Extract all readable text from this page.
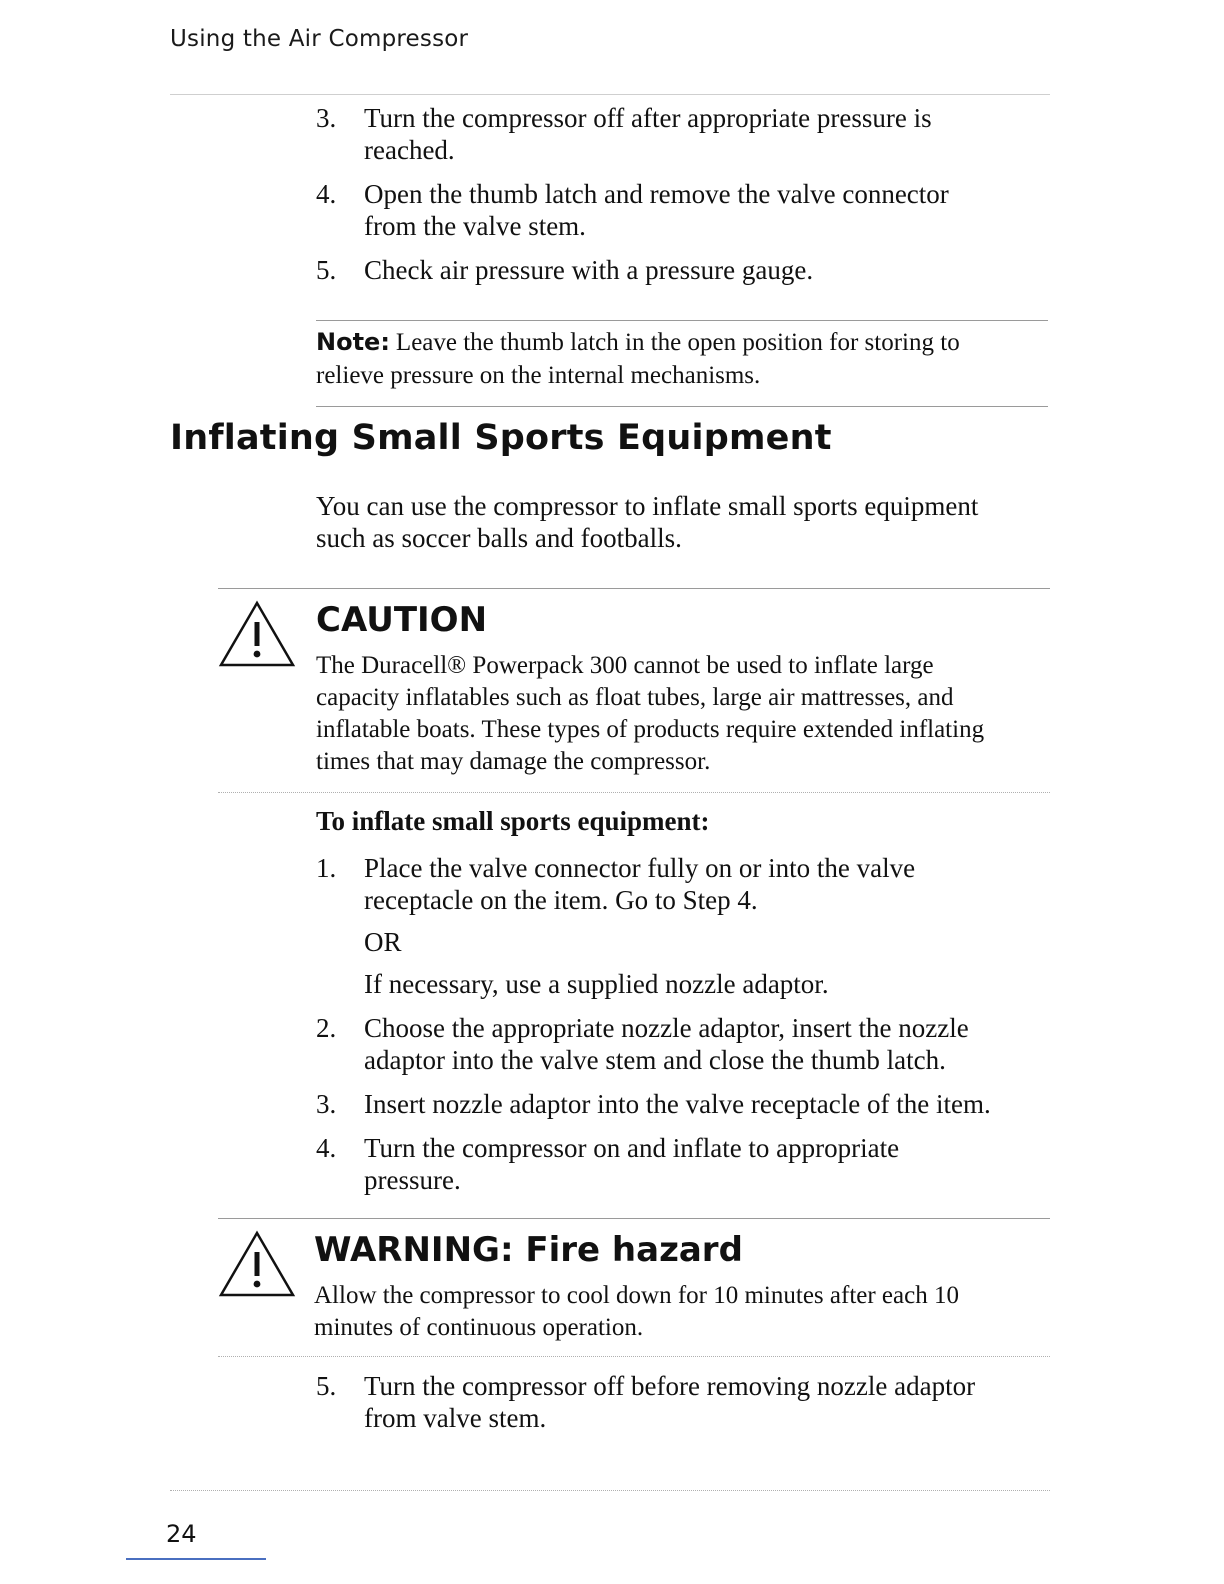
Using the Air Compressor
3. Turn the compressor off after appropriate pressure is
reached.
4. Open the thumb latch and remove the valve connector
from the valve stem.
5. Check air pressure with a pressure gauge.
Note: Leave the thumb latch in the open position for storing to
relieve pressure on the internal mechanisms.
Inflating Small Sports Equipment
You can use the compressor to inflate small sports equipment
such as soccer balls and footballs.
CAUTION
The Duracell® Powerpack 300 cannot be used to inflate large
capacity inflatables such as float tubes, large air mattresses, and
inflatable boats. These types of products require extended inflating
times that may damage the compressor.
To inflate small sports equipment:
1. Place the valve connector fully on or into the valve
receptacle on the item. Go to Step 4.
OR
If necessary, use a supplied nozzle adaptor.
2. Choose the appropriate nozzle adaptor, insert the nozzle
adaptor into the valve stem and close the thumb latch.
3. Insert nozzle adaptor into the valve receptacle of the item.
4. Turn the compressor on and inflate to appropriate
pressure.
WARNING: Fire hazard
Allow the compressor to cool down for 10 minutes after each 10
minutes of continuous operation.
5. Turn the compressor off before removing nozzle adaptor
from valve stem.
24
